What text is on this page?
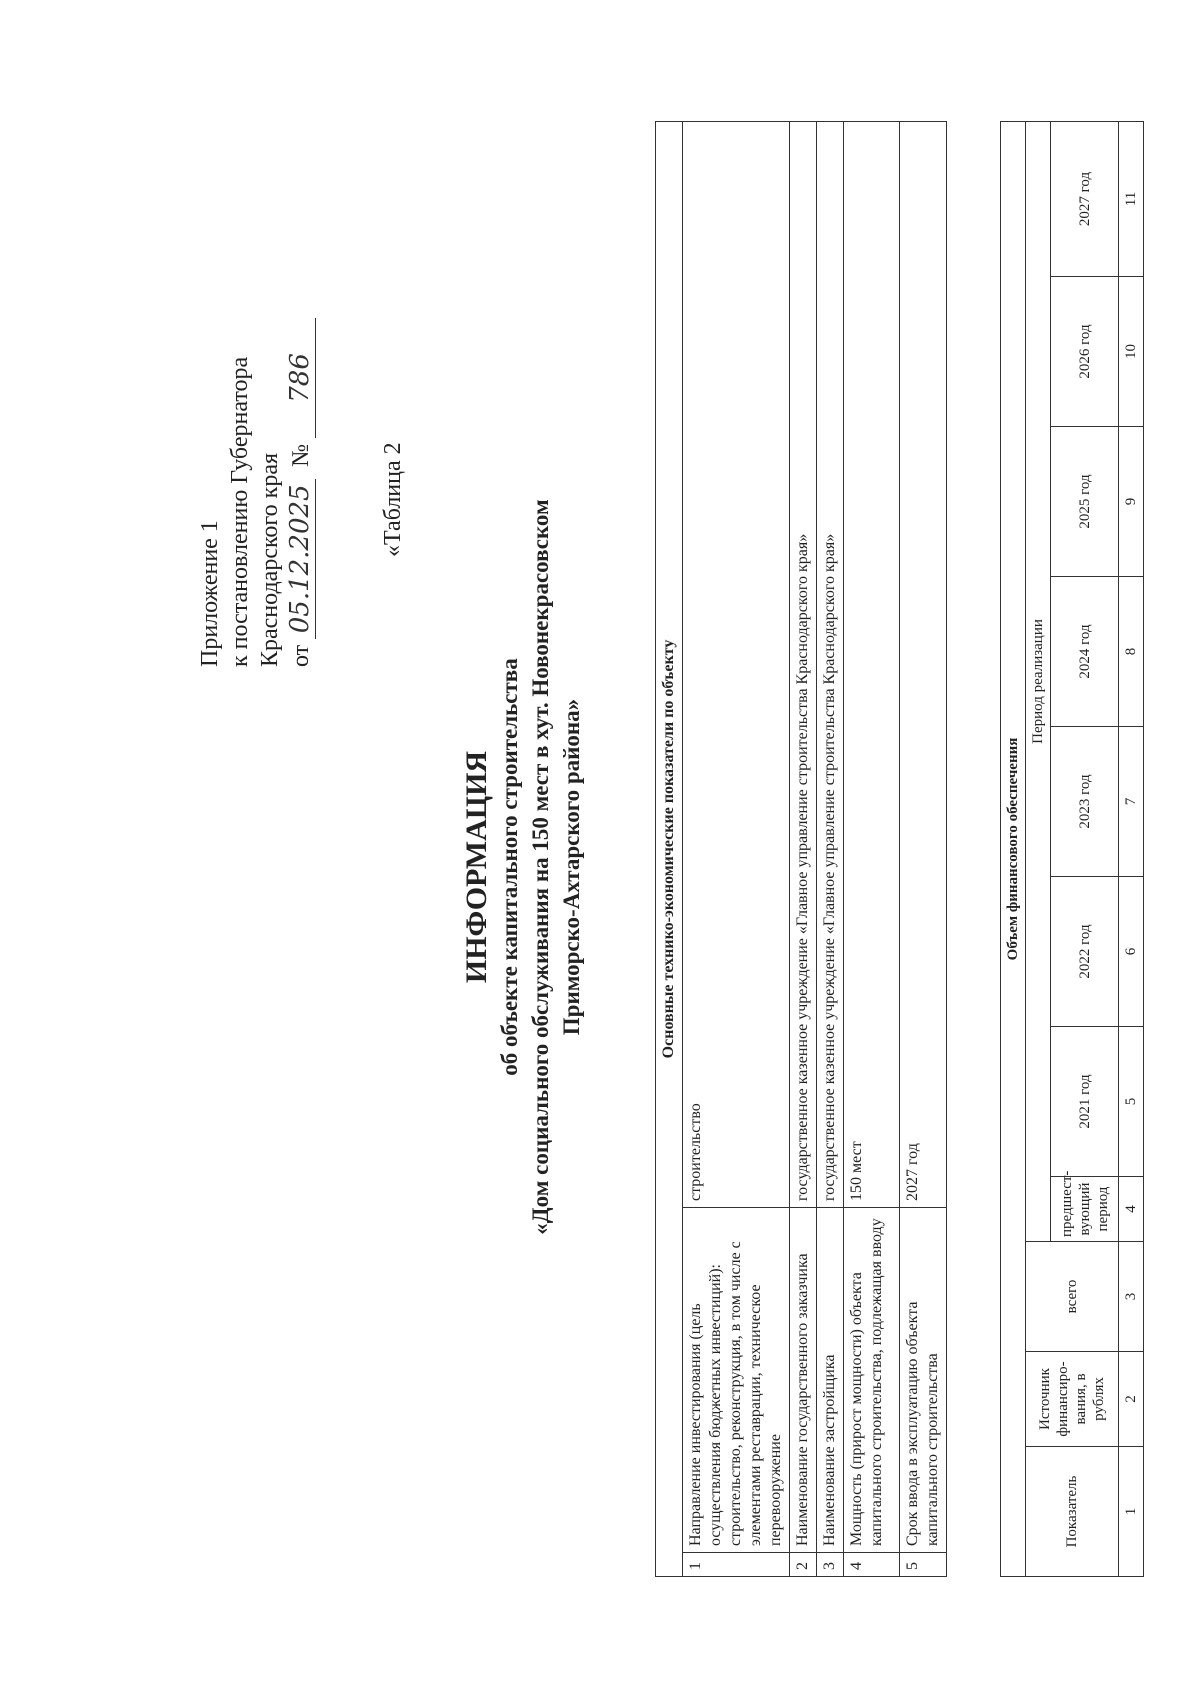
Приложение 1 к постановлению Губернатора Краснодарского края от 05.12.2025 № 786
«Таблица 2
ИНФОРМАЦИЯ об объекте капитального строительства «Дом социального обслуживания на 150 мест в хут. Новонекрасовском Приморско-Ахтарского района»	Основные технико-экономические показатели по объекту		
1	Направление инвестирования (цель осуществления бюджетных инвестиций): строительство, реконструкция, в том числе с элементами реставрации, техническое перевооружение	строительство
2	Наименование государственного заказчика	государственное казенное учреждение «Главное управление строительства Краснодарского края»
3	Наименование застройщика	государственное казенное учреждение «Главное управление строительства Краснодарского края»
4	Мощность (прирост мощности) объекта капитального строительства, подлежащая вводу	150 мест
5	Срок ввода в эксплуатацию объекта капитального строительства	2027 год
Объем финансового обеспечения										
Показатель	Источник финансиро-вания, в рублях	всего	Период реализации							
			предшест-вующий период	2021 год	2022 год	2023 год	2024 год	2025 год	2026 год	2027 год
1	2	3	4	5	6	7	8	9	10	11
